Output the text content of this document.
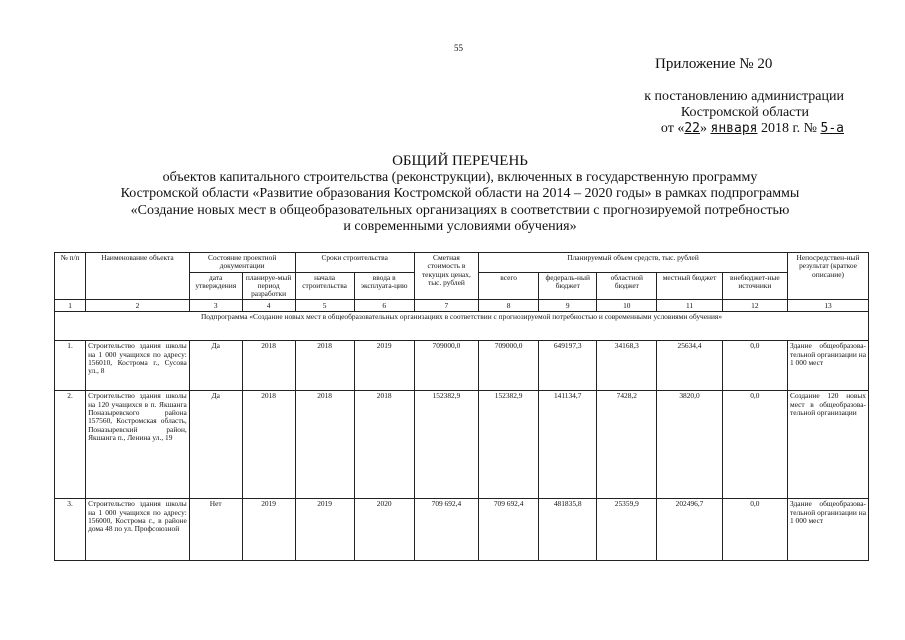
55
Приложение № 20
к постановлению администрации
Костромской области
от «22» января 2018 г. № 5-а
ОБЩИЙ ПЕРЕЧЕНЬ
объектов капитального строительства (реконструкции), включенных в государственную программу
Костромской области «Развитие образования Костромской области на 2014 – 2020 годы» в рамках подпрограммы
«Создание новых мест в общеобразовательных организациях в соответствии с прогнозируемой потребностью
и современными условиями обучения»
№ п/п	Наименование объекта	Состояние проектной документации		Сроки строительства		Сметная стоимость в текущих ценах, тыс. рублей	Планируемый объем средств, тыс. рублей					Непосредствен-ный результат (краткое описание)
		дата утверждения	планируе-мый период разработки	начала строительства	ввода в эксплуата-цию		всего	федераль-ный бюджет	областной бюджет	местный бюджет	внебюджет-ные источники	
1	2	3	4	5	6	7	8	9	10	11	12	13
Подпрограмма «Создание новых мест в общеобразовательных организациях в соответствии с прогнозируемой потребностью и современными условиями обучения»												
1.	Строительство здания школы на 1 000 учащихся по адресу: 156010, Кострома г., Сусова ул., 8	Да	2018	2018	2019	709000,0	709000,0	649197,3	34168,3	25634,4	0,0	Здание общеобразова-тельной организации на 1 000 мест
2.	Строительство здания школы на 120 учащихся в п. Якшанга Поназыревского района 157560, Костромская область, Поназыревский район, Якшанга п., Ленина ул., 19	Да	2018	2018	2018	152382,9	152382,9	141134,7	7428,2	3820,0	0,0	Создание 120 новых мест в общеобразова-тельной организации
3.	Строительство здания школы на 1 000 учащихся по адресу: 156000, Кострома г., в районе дома 48 по ул. Профсоюзной	Нет	2019	2019	2020	709 692,4	709 692,4	481835,8	25359,9	202496,7	0,0	Здание общеобразова-тельной организации на 1 000 мест
